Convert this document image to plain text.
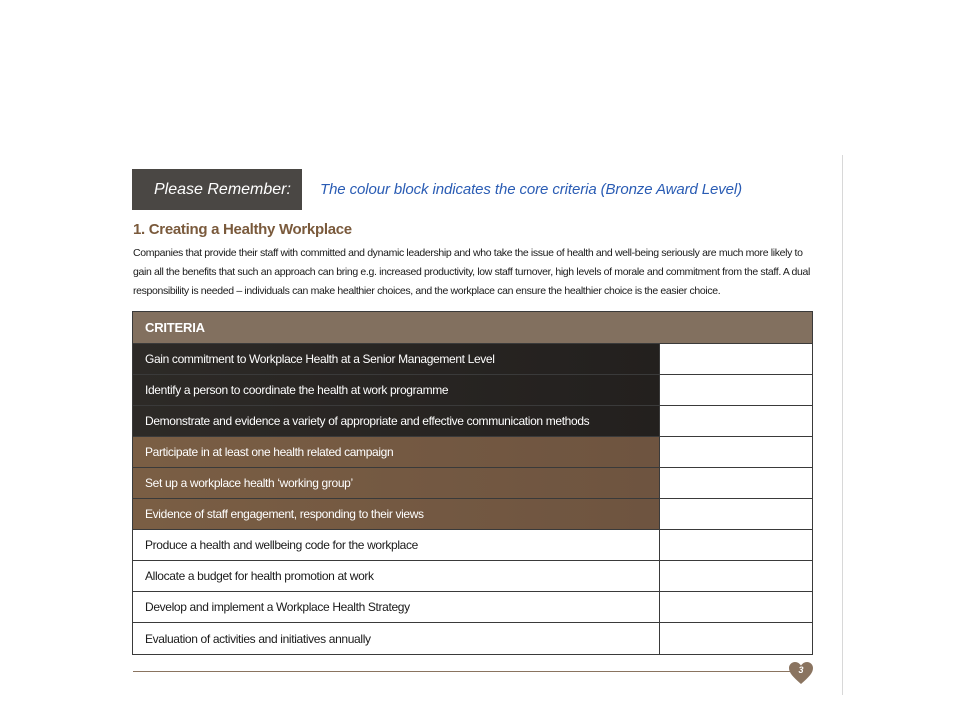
Please Remember:	The colour block indicates the core criteria (Bronze Award Level)
1. Creating a Healthy Workplace
Companies that provide their staff with committed and dynamic leadership and who take the issue of health and well-being seriously are much more likely to gain all the benefits that such an approach can bring e.g. increased productivity, low staff turnover, high levels of morale and commitment from the staff. A dual responsibility is needed – individuals can make healthier choices, and the workplace can ensure the healthier choice is the easier choice.
CRITERIA
Gain commitment to Workplace Health at a Senior Management Level
Identify a person to coordinate the health at work programme
Demonstrate and evidence a variety of appropriate and effective communication methods
Participate in at least one health related campaign
Set up a workplace health ‘working group’
Evidence of staff engagement, responding to their views
Produce a health and wellbeing code for the workplace
Allocate a budget for health promotion at work
Develop and implement a Workplace Health Strategy
Evaluation of activities and initiatives annually
3
